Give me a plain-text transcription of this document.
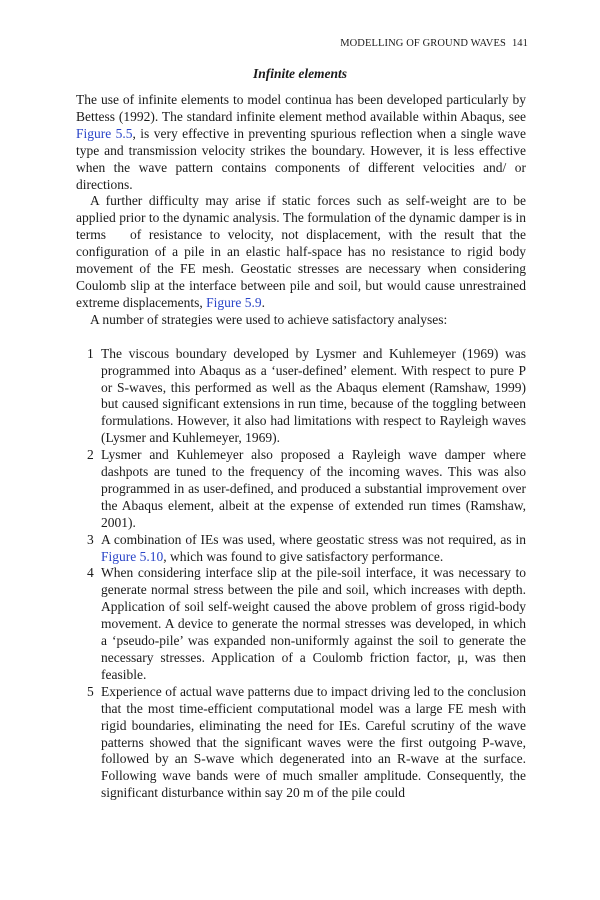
MODELLING OF GROUND WAVES 141
Infinite elements

The use of infinite elements to model continua has been developed particularly by Bettess (1992). The standard infinite element method available within Abaqus, see Figure 5.5, is very effective in preventing spurious reflection when a single wave type and transmission velocity strikes the boundary. However, it is less effective when the wave pattern contains components of different velocities and/ or directions.

A further difficulty may arise if static forces such as self-weight are to be applied prior to the dynamic analysis. The formulation of the dynamic damper is in terms of resistance to velocity, not displacement, with the result that the configuration of a pile in an elastic half-space has no resistance to rigid body movement of the FE mesh. Geostatic stresses are necessary when considering Coulomb slip at the interface between pile and soil, but would cause unrestrained extreme displacements, Figure 5.9.

A number of strategies were used to achieve satisfactory analyses:

1 The viscous boundary developed by Lysmer and Kuhlemeyer (1969) was programmed into Abaqus as a ‘user-defined’ element. With respect to pure P or S-waves, this performed as well as the Abaqus element (Ramshaw, 1999) but caused significant extensions in run time, because of the toggling between formulations. However, it also had limitations with respect to Rayleigh waves (Lysmer and Kuhlemeyer, 1969).

2 Lysmer and Kuhlemeyer also proposed a Rayleigh wave damper where dashpots are tuned to the frequency of the incoming waves. This was also programmed in as user-defined, and produced a substantial improvement over the Abaqus element, albeit at the expense of extended run times (Ramshaw, 2001).

3 A combination of IEs was used, where geostatic stress was not required, as in Figure 5.10, which was found to give satisfactory performance.

4 When considering interface slip at the pile-soil interface, it was necessary to generate normal stress between the pile and soil, which increases with depth. Application of soil self-weight caused the above problem of gross rigid-body movement. A device to generate the normal stresses was developed, in which a ‘pseudo-pile’ was expanded non-uniformly against the soil to generate the necessary stresses. Application of a Coulomb friction factor, μ, was then feasible.

5 Experience of actual wave patterns due to impact driving led to the conclusion that the most time-efficient computational model was a large FE mesh with rigid boundaries, eliminating the need for IEs. Careful scrutiny of the wave patterns showed that the significant waves were the first outgoing P-wave, followed by an S-wave which degenerated into an R-wave at the surface. Following wave bands were of much smaller amplitude. Consequently, the significant disturbance within say 20 m of the pile could
